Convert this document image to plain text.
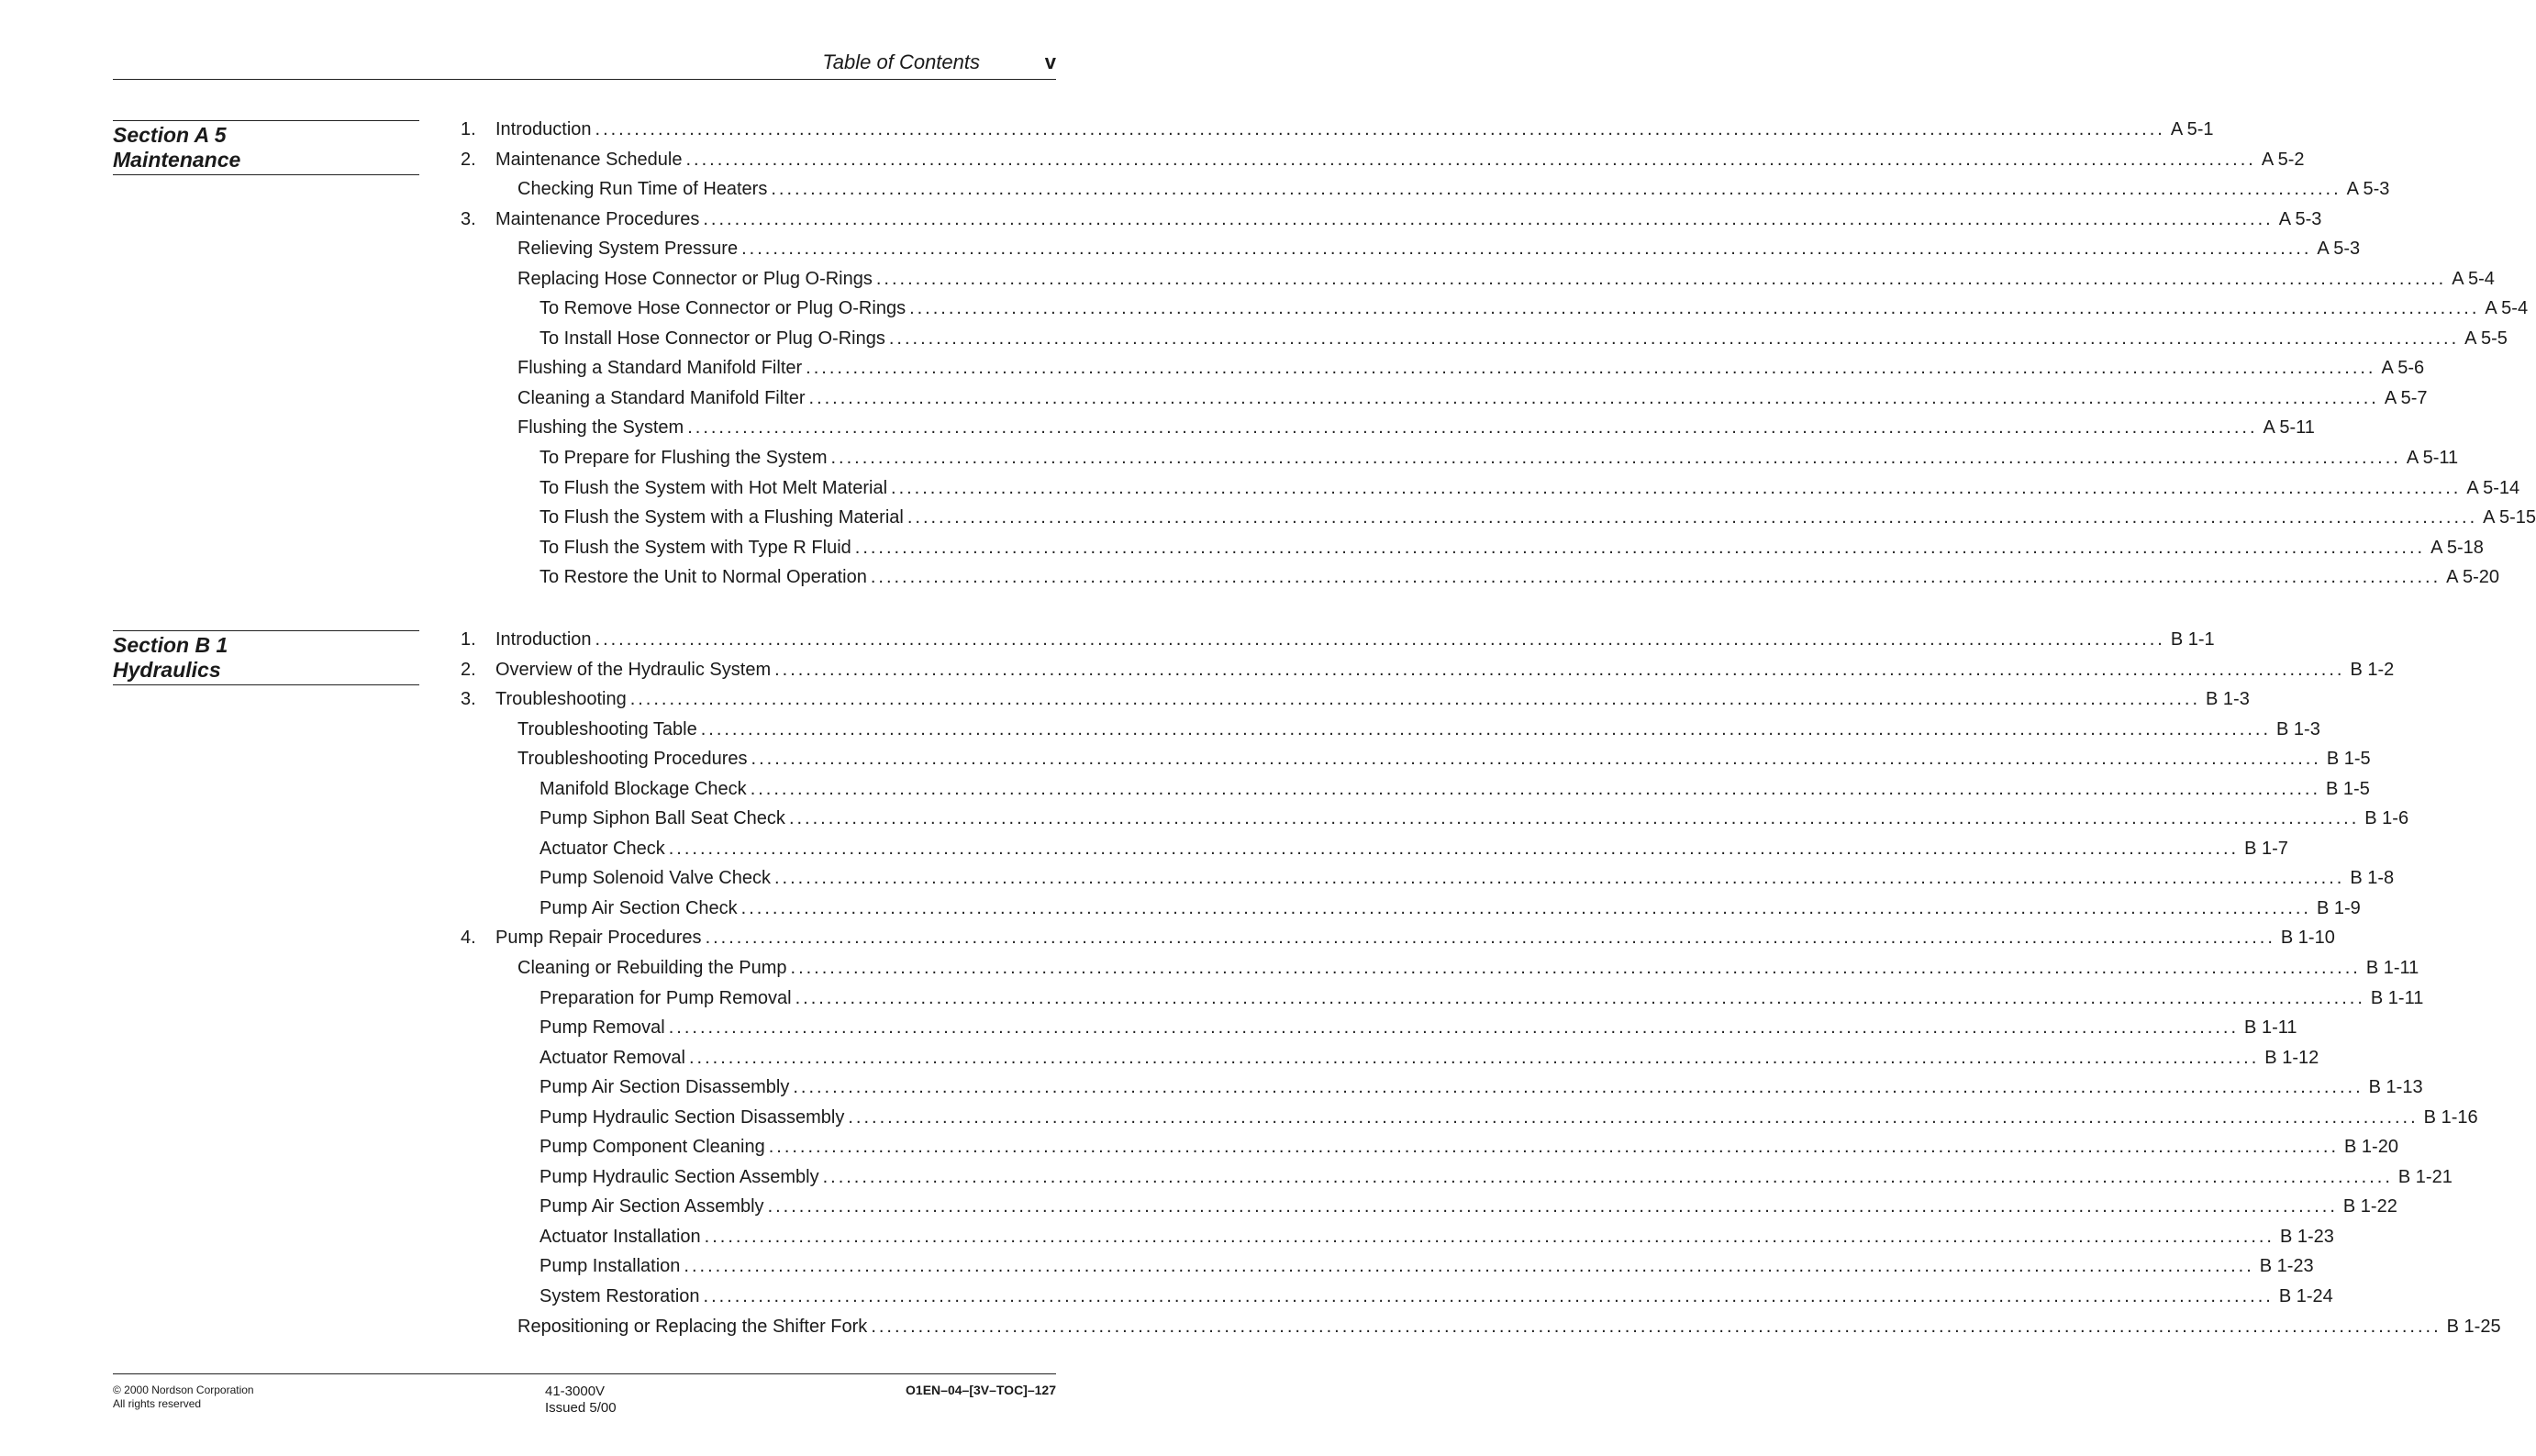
Table of Contents	v
Section A 5
Maintenance
1.	Introduction ........................................................................................................................................................................................................ A 5-1
2.	Maintenance Schedule ........................................................................................................................................................................................................ A 5-2
Checking Run Time of Heaters ........................................................................................................................................................................................................ A 5-3
3.	Maintenance Procedures ........................................................................................................................................................................................................ A 5-3
Relieving System Pressure ........................................................................................................................................................................................................ A 5-3
Replacing Hose Connector or Plug O-Rings ........................................................................................................................................................................................................ A 5-4
To Remove Hose Connector or Plug O-Rings ........................................................................................................................................................................................................ A 5-4
To Install Hose Connector or Plug O-Rings ........................................................................................................................................................................................................ A 5-5
Flushing a Standard Manifold Filter ........................................................................................................................................................................................................ A 5-6
Cleaning a Standard Manifold Filter ........................................................................................................................................................................................................ A 5-7
Flushing the System ........................................................................................................................................................................................................ A 5-11
To Prepare for Flushing the System ........................................................................................................................................................................................................ A 5-11
To Flush the System with Hot Melt Material ........................................................................................................................................................................................................ A 5-14
To Flush the System with a Flushing Material ........................................................................................................................................................................................................ A 5-15
To Flush the System with Type R Fluid ........................................................................................................................................................................................................ A 5-18
To Restore the Unit to Normal Operation ........................................................................................................................................................................................................ A 5-20
Section B 1
Hydraulics
1.	Introduction ........................................................................................................................................................................................................ B 1-1
2.	Overview of the Hydraulic System ........................................................................................................................................................................................................ B 1-2
3.	Troubleshooting ........................................................................................................................................................................................................ B 1-3
Troubleshooting Table ........................................................................................................................................................................................................ B 1-3
Troubleshooting Procedures ........................................................................................................................................................................................................ B 1-5
Manifold Blockage Check ........................................................................................................................................................................................................ B 1-5
Pump Siphon Ball Seat Check ........................................................................................................................................................................................................ B 1-6
Actuator Check ........................................................................................................................................................................................................ B 1-7
Pump Solenoid Valve Check ........................................................................................................................................................................................................ B 1-8
Pump Air Section Check ........................................................................................................................................................................................................ B 1-9
4.	Pump Repair Procedures ........................................................................................................................................................................................................ B 1-10
Cleaning or Rebuilding the Pump ........................................................................................................................................................................................................ B 1-11
Preparation for Pump Removal ........................................................................................................................................................................................................ B 1-11
Pump Removal ........................................................................................................................................................................................................ B 1-11
Actuator Removal ........................................................................................................................................................................................................ B 1-12
Pump Air Section Disassembly ........................................................................................................................................................................................................ B 1-13
Pump Hydraulic Section Disassembly ........................................................................................................................................................................................................ B 1-16
Pump Component Cleaning ........................................................................................................................................................................................................ B 1-20
Pump Hydraulic Section Assembly ........................................................................................................................................................................................................ B 1-21
Pump Air Section Assembly ........................................................................................................................................................................................................ B 1-22
Actuator Installation ........................................................................................................................................................................................................ B 1-23
Pump Installation ........................................................................................................................................................................................................ B 1-23
System Restoration ........................................................................................................................................................................................................ B 1-24
Repositioning or Replacing the Shifter Fork ........................................................................................................................................................................................................ B 1-25
© 2000 Nordson Corporation
All rights reserved
41-3000V
Issued 5/00
O1EN–04–[3V–TOC]–127
